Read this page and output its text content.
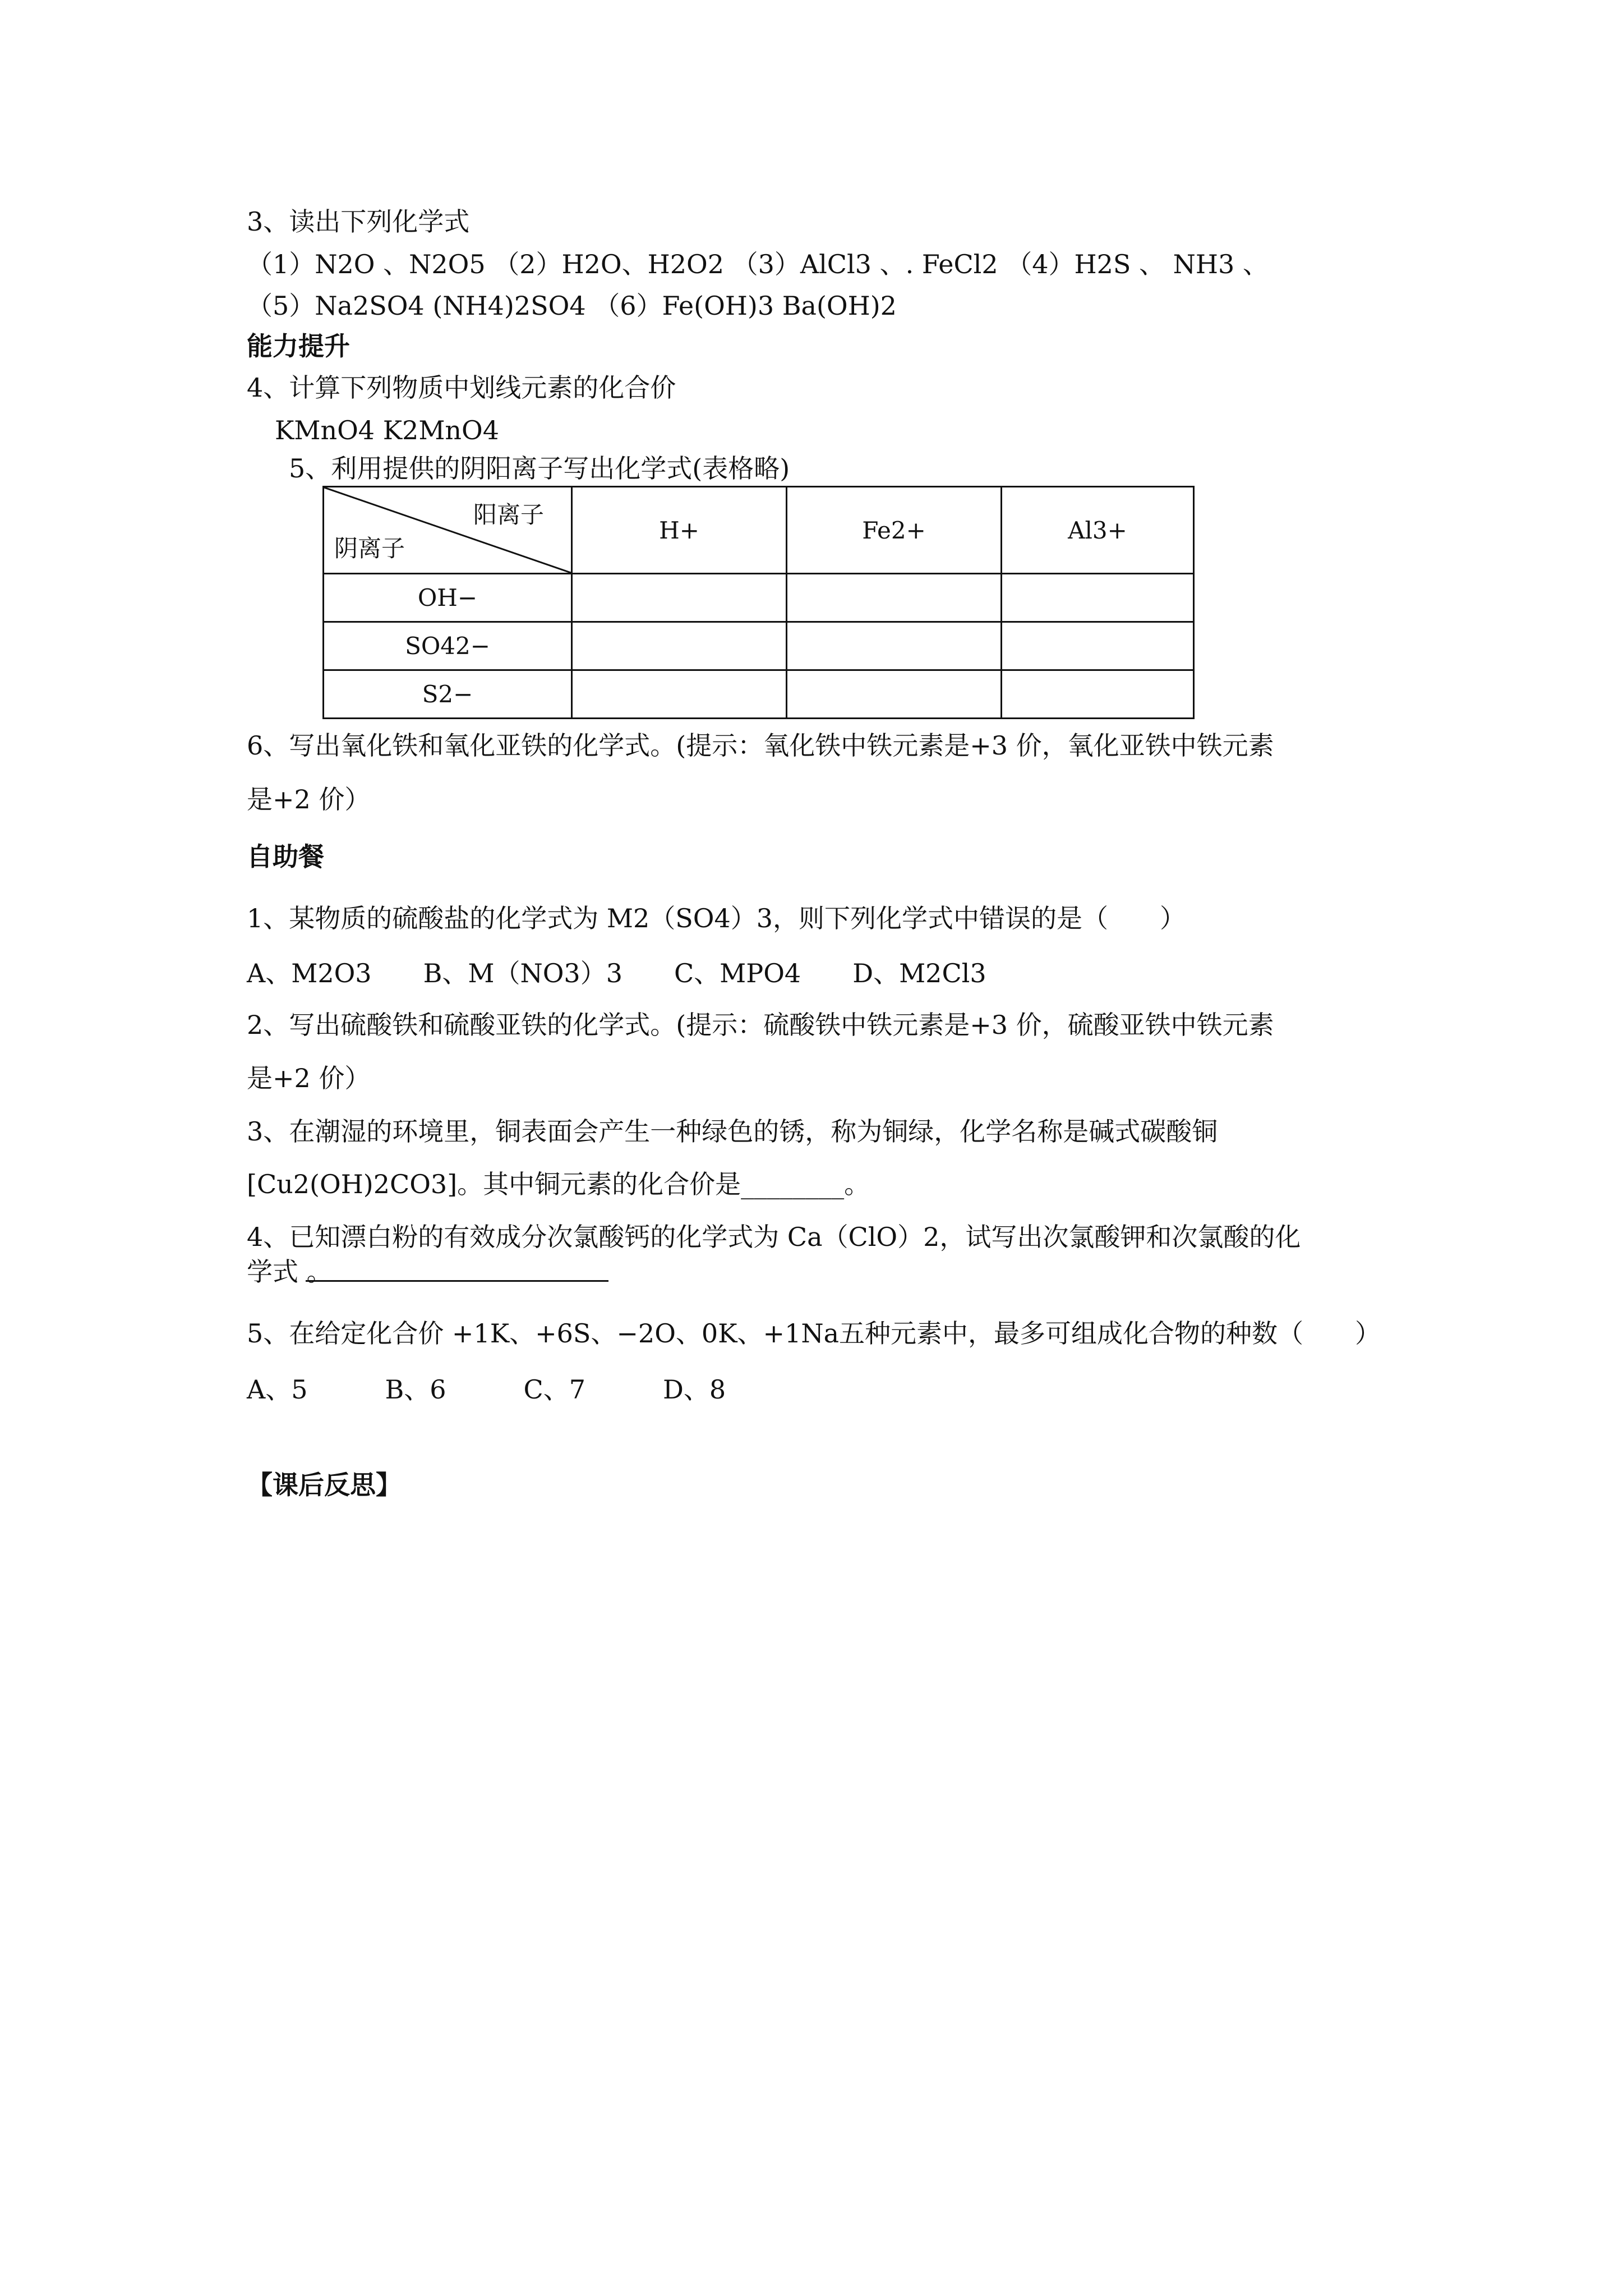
3、读出下列化学式
（1）N2O 、N2O5 （2）H2O、H2O2 （3）AlCl3 、. FeCl2 （4）H2S 、 NH3 、
（5）Na2SO4 (NH4)2SO4 （6）Fe(OH)3 Ba(OH)2
能力提升
4、计算下列物质中划线元素的化合价
KMnO4 K2MnO4
5、利用提供的阴阳离子写出化学式(表格略)
阳离子
阴离子	H+	Fe2+	Al3+
OH−			
SO42−			
S2−			
6、写出氧化铁和氧化亚铁的化学式。(提示：氧化铁中铁元素是+3 价，氧化亚铁中铁元素
是+2 价）
自助餐
1、某物质的硫酸盐的化学式为 M2（SO4）3，则下列化学式中错误的是（　　）
A、M2O3　　B、M（NO3）3　　C、MPO4　　D、M2Cl3
2、写出硫酸铁和硫酸亚铁的化学式。(提示：硫酸铁中铁元素是+3 价，硫酸亚铁中铁元素
是+2 价）
3、在潮湿的环境里，铜表面会产生一种绿色的锈，称为铜绿，化学名称是碱式碳酸铜
[Cu2(OH)2CO3]。其中铜元素的化合价是________。
4、已知漂白粉的有效成分次氯酸钙的化学式为 Ca（ClO）2，试写出次氯酸钾和次氯酸的化
学式 。
5、在给定化合价 +1K、+6S、−2O、0K、+1Na五种元素中，最多可组成化合物的种数（　　）
A、5　　　B、6　　　C、7　　　D、8
【课后反思】
